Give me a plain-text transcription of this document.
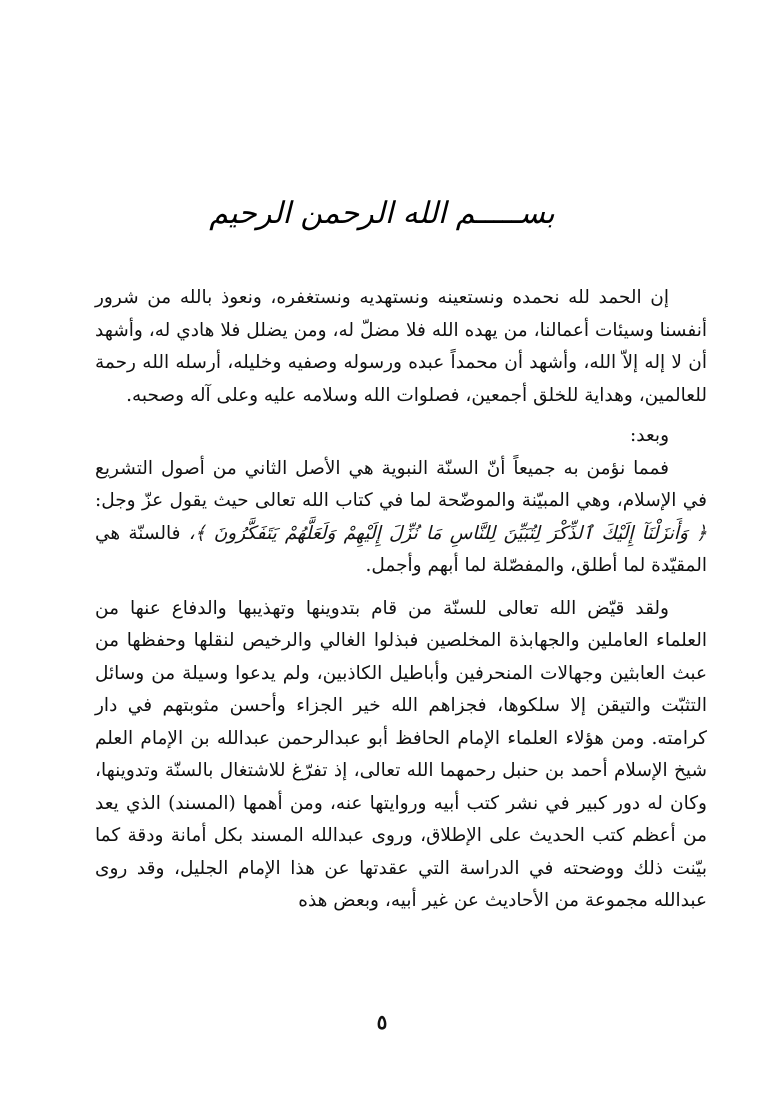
بســـــم الله الرحمن الرحيم

إن الحمد لله نحمده ونستعينه ونستهديه ونستغفره، ونعوذ بالله من شرور أنفسنا وسيئات أعمالنا، من يهده الله فلا مضلّ له، ومن يضلل فلا هادي له، وأشهد أن لا إله إلاّ الله، وأشهد أن محمداً عبده ورسوله وصفيه وخليله، أرسله الله رحمة للعالمين، وهداية للخلق أجمعين، فصلوات الله وسلامه عليه وعلى آله وصحبه.

وبعد:

فمما نؤمن به جميعاً أنّ السنّة النبوية هي الأصل الثاني من أصول التشريع في الإسلام، وهي المبيّنة والموضّحة لما في كتاب الله تعالى حيث يقول عزّ وجل: ﴿ وَأَنزَلْنَآ إِلَيْكَ ٱلذِّكْرَ لِتُبَيِّنَ لِلنَّاسِ مَا نُزِّلَ إِلَيْهِمْ وَلَعَلَّهُمْ يَتَفَكَّرُونَ ﴾، فالسنّة هي المقيّدة لما أطلق، والمفصّلة لما أبهم وأجمل.

ولقد قيّض الله تعالى للسنّة من قام بتدوينها وتهذيبها والدفاع عنها من العلماء العاملين والجهابذة المخلصين فبذلوا الغالي والرخيص لنقلها وحفظها من عبث العابثين وجهالات المنحرفين وأباطيل الكاذبين، ولم يدعوا وسيلة من وسائل التثبّت والتيقن إلا سلكوها، فجزاهم الله خير الجزاء وأحسن مثوبتهم في دار كرامته. ومن هؤلاء العلماء الإمام الحافظ أبو عبدالرحمن عبدالله بن الإمام العلم شيخ الإسلام أحمد بن حنبل رحمهما الله تعالى، إذ تفرّغ للاشتغال بالسنّة وتدوينها، وكان له دور كبير في نشر كتب أبيه وروايتها عنه، ومن أهمها (المسند) الذي يعد من أعظم كتب الحديث على الإطلاق، وروى عبدالله المسند بكل أمانة ودقة كما بيّنت ذلك ووضحته في الدراسة التي عقدتها عن هذا الإمام الجليل، وقد روى عبدالله مجموعة من الأحاديث عن غير أبيه، وبعض هذه

٥
